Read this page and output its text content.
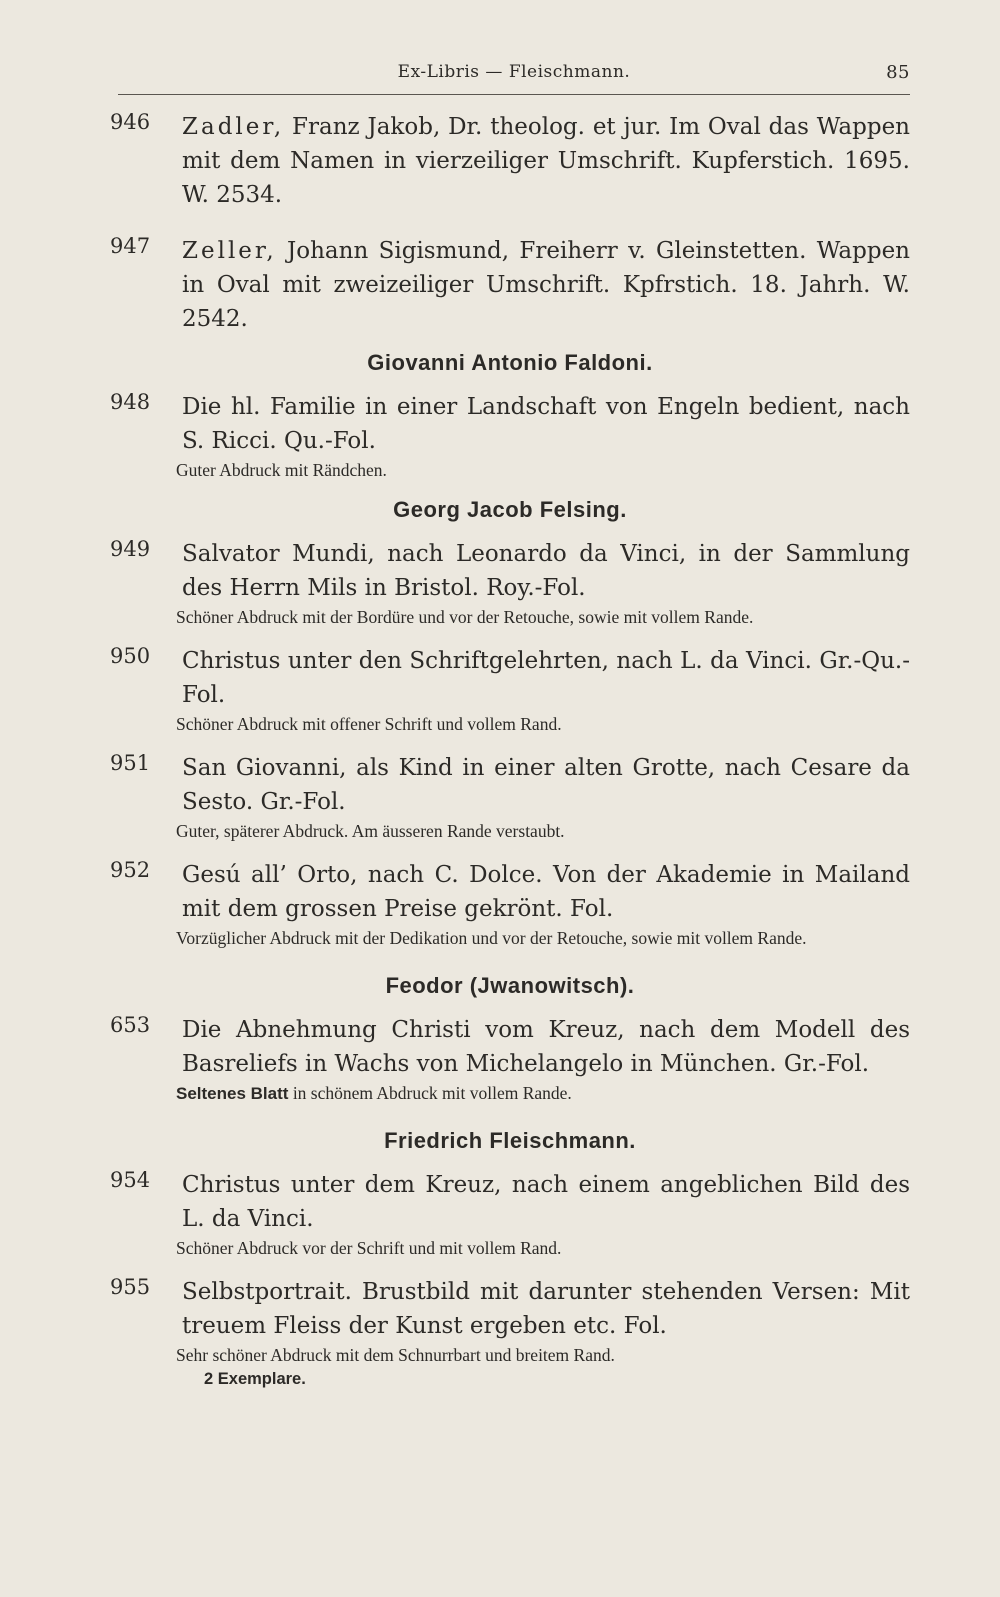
Ex-Libris — Fleischmann.	85
946 Zadler, Franz Jakob, Dr. theolog. et jur. Im Oval das Wappen mit dem Namen in vierzeiliger Umschrift. Kupferstich. 1695. W. 2534.

947 Zeller, Johann Sigismund, Freiherr v. Gleinstetten. Wappen in Oval mit zweizeiliger Umschrift. Kpfrstich. 18. Jahrh. W. 2542.

Giovanni Antonio Faldoni.

948 Die hl. Familie in einer Landschaft von Engeln bedient, nach S. Ricci. Qu.-Fol.

Guter Abdruck mit Rändchen.

Georg Jacob Felsing.

949 Salvator Mundi, nach Leonardo da Vinci, in der Sammlung des Herrn Mils in Bristol. Roy.-Fol.

Schöner Abdruck mit der Bordüre und vor der Retouche, sowie mit vollem Rande.

950 Christus unter den Schriftgelehrten, nach L. da Vinci. Gr.-Qu.-Fol.

Schöner Abdruck mit offener Schrift und vollem Rand.

951 San Giovanni, als Kind in einer alten Grotte, nach Cesare da Sesto. Gr.-Fol.

Guter, späterer Abdruck. Am äusseren Rande verstaubt.

952 Gesú all’ Orto, nach C. Dolce. Von der Akademie in Mailand mit dem grossen Preise gekrönt. Fol.

Vorzüglicher Abdruck mit der Dedikation und vor der Retouche, sowie mit vollem Rande.

Feodor (Jwanowitsch).

653 Die Abnehmung Christi vom Kreuz, nach dem Modell des Basreliefs in Wachs von Michelangelo in München. Gr.-Fol.

Seltenes Blatt in schönem Abdruck mit vollem Rande.

Friedrich Fleischmann.

954 Christus unter dem Kreuz, nach einem angeblichen Bild des L. da Vinci.

Schöner Abdruck vor der Schrift und mit vollem Rand.

955 Selbstportrait. Brustbild mit darunter stehenden Versen: Mit treuem Fleiss der Kunst ergeben etc. Fol.

Sehr schöner Abdruck mit dem Schnurrbart und breitem Rand.

2 Exemplare.
